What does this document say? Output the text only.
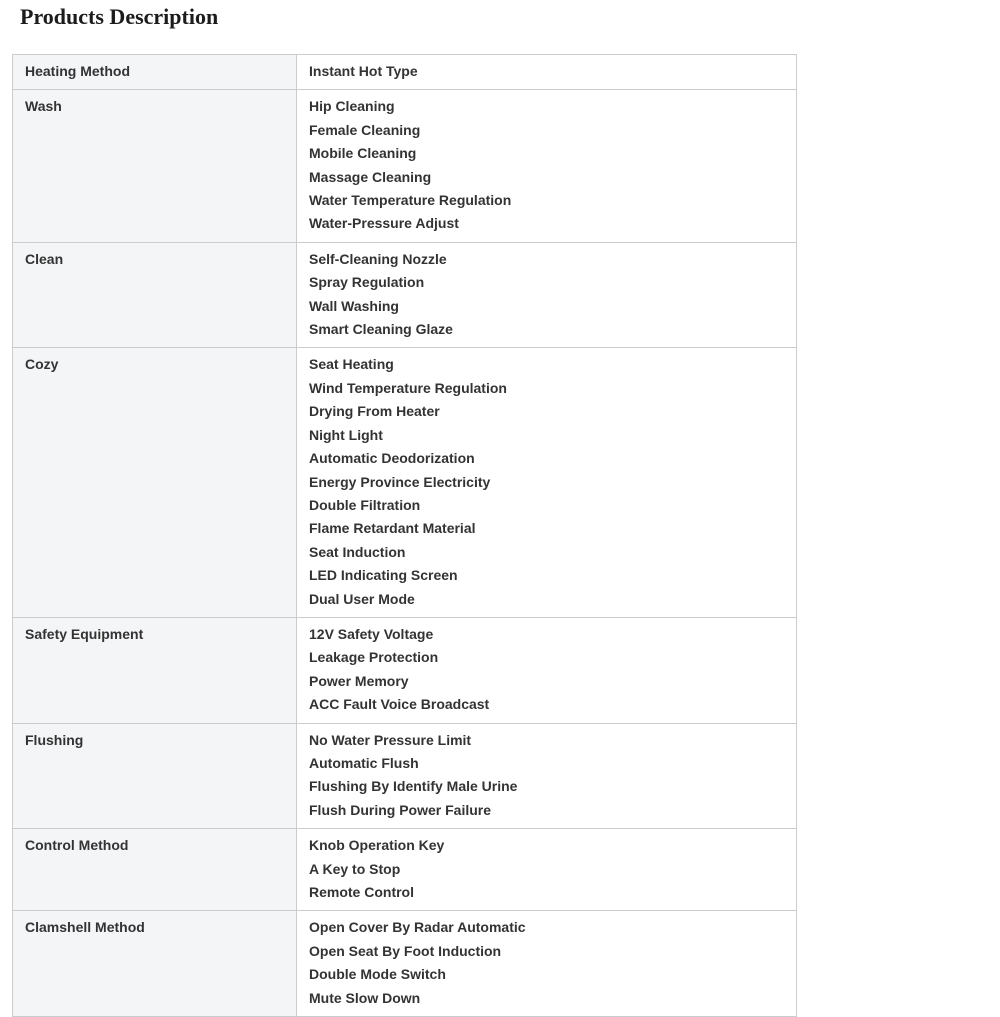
Products Description
Heating Method	Instant Hot Type

Wash	Hip Cleaning
Female Cleaning
Mobile Cleaning
Massage Cleaning
Water Temperature Regulation
Water-Pressure Adjust

Clean	Self-Cleaning Nozzle
Spray Regulation
Wall Washing
Smart Cleaning Glaze

Cozy	Seat Heating
Wind Temperature Regulation
Drying From Heater
Night Light
Automatic Deodorization
Energy Province Electricity
Double Filtration
Flame Retardant Material
Seat Induction
LED Indicating Screen
Dual User Mode

Safety Equipment	12V Safety Voltage
Leakage Protection
Power Memory
ACC Fault Voice Broadcast

Flushing	No Water Pressure Limit
Automatic Flush
Flushing By Identify Male Urine
Flush During Power Failure

Control Method	Knob Operation Key
A Key to Stop
Remote Control

Clamshell Method	Open Cover By Radar Automatic
Open Seat By Foot Induction
Double Mode Switch
Mute Slow Down
